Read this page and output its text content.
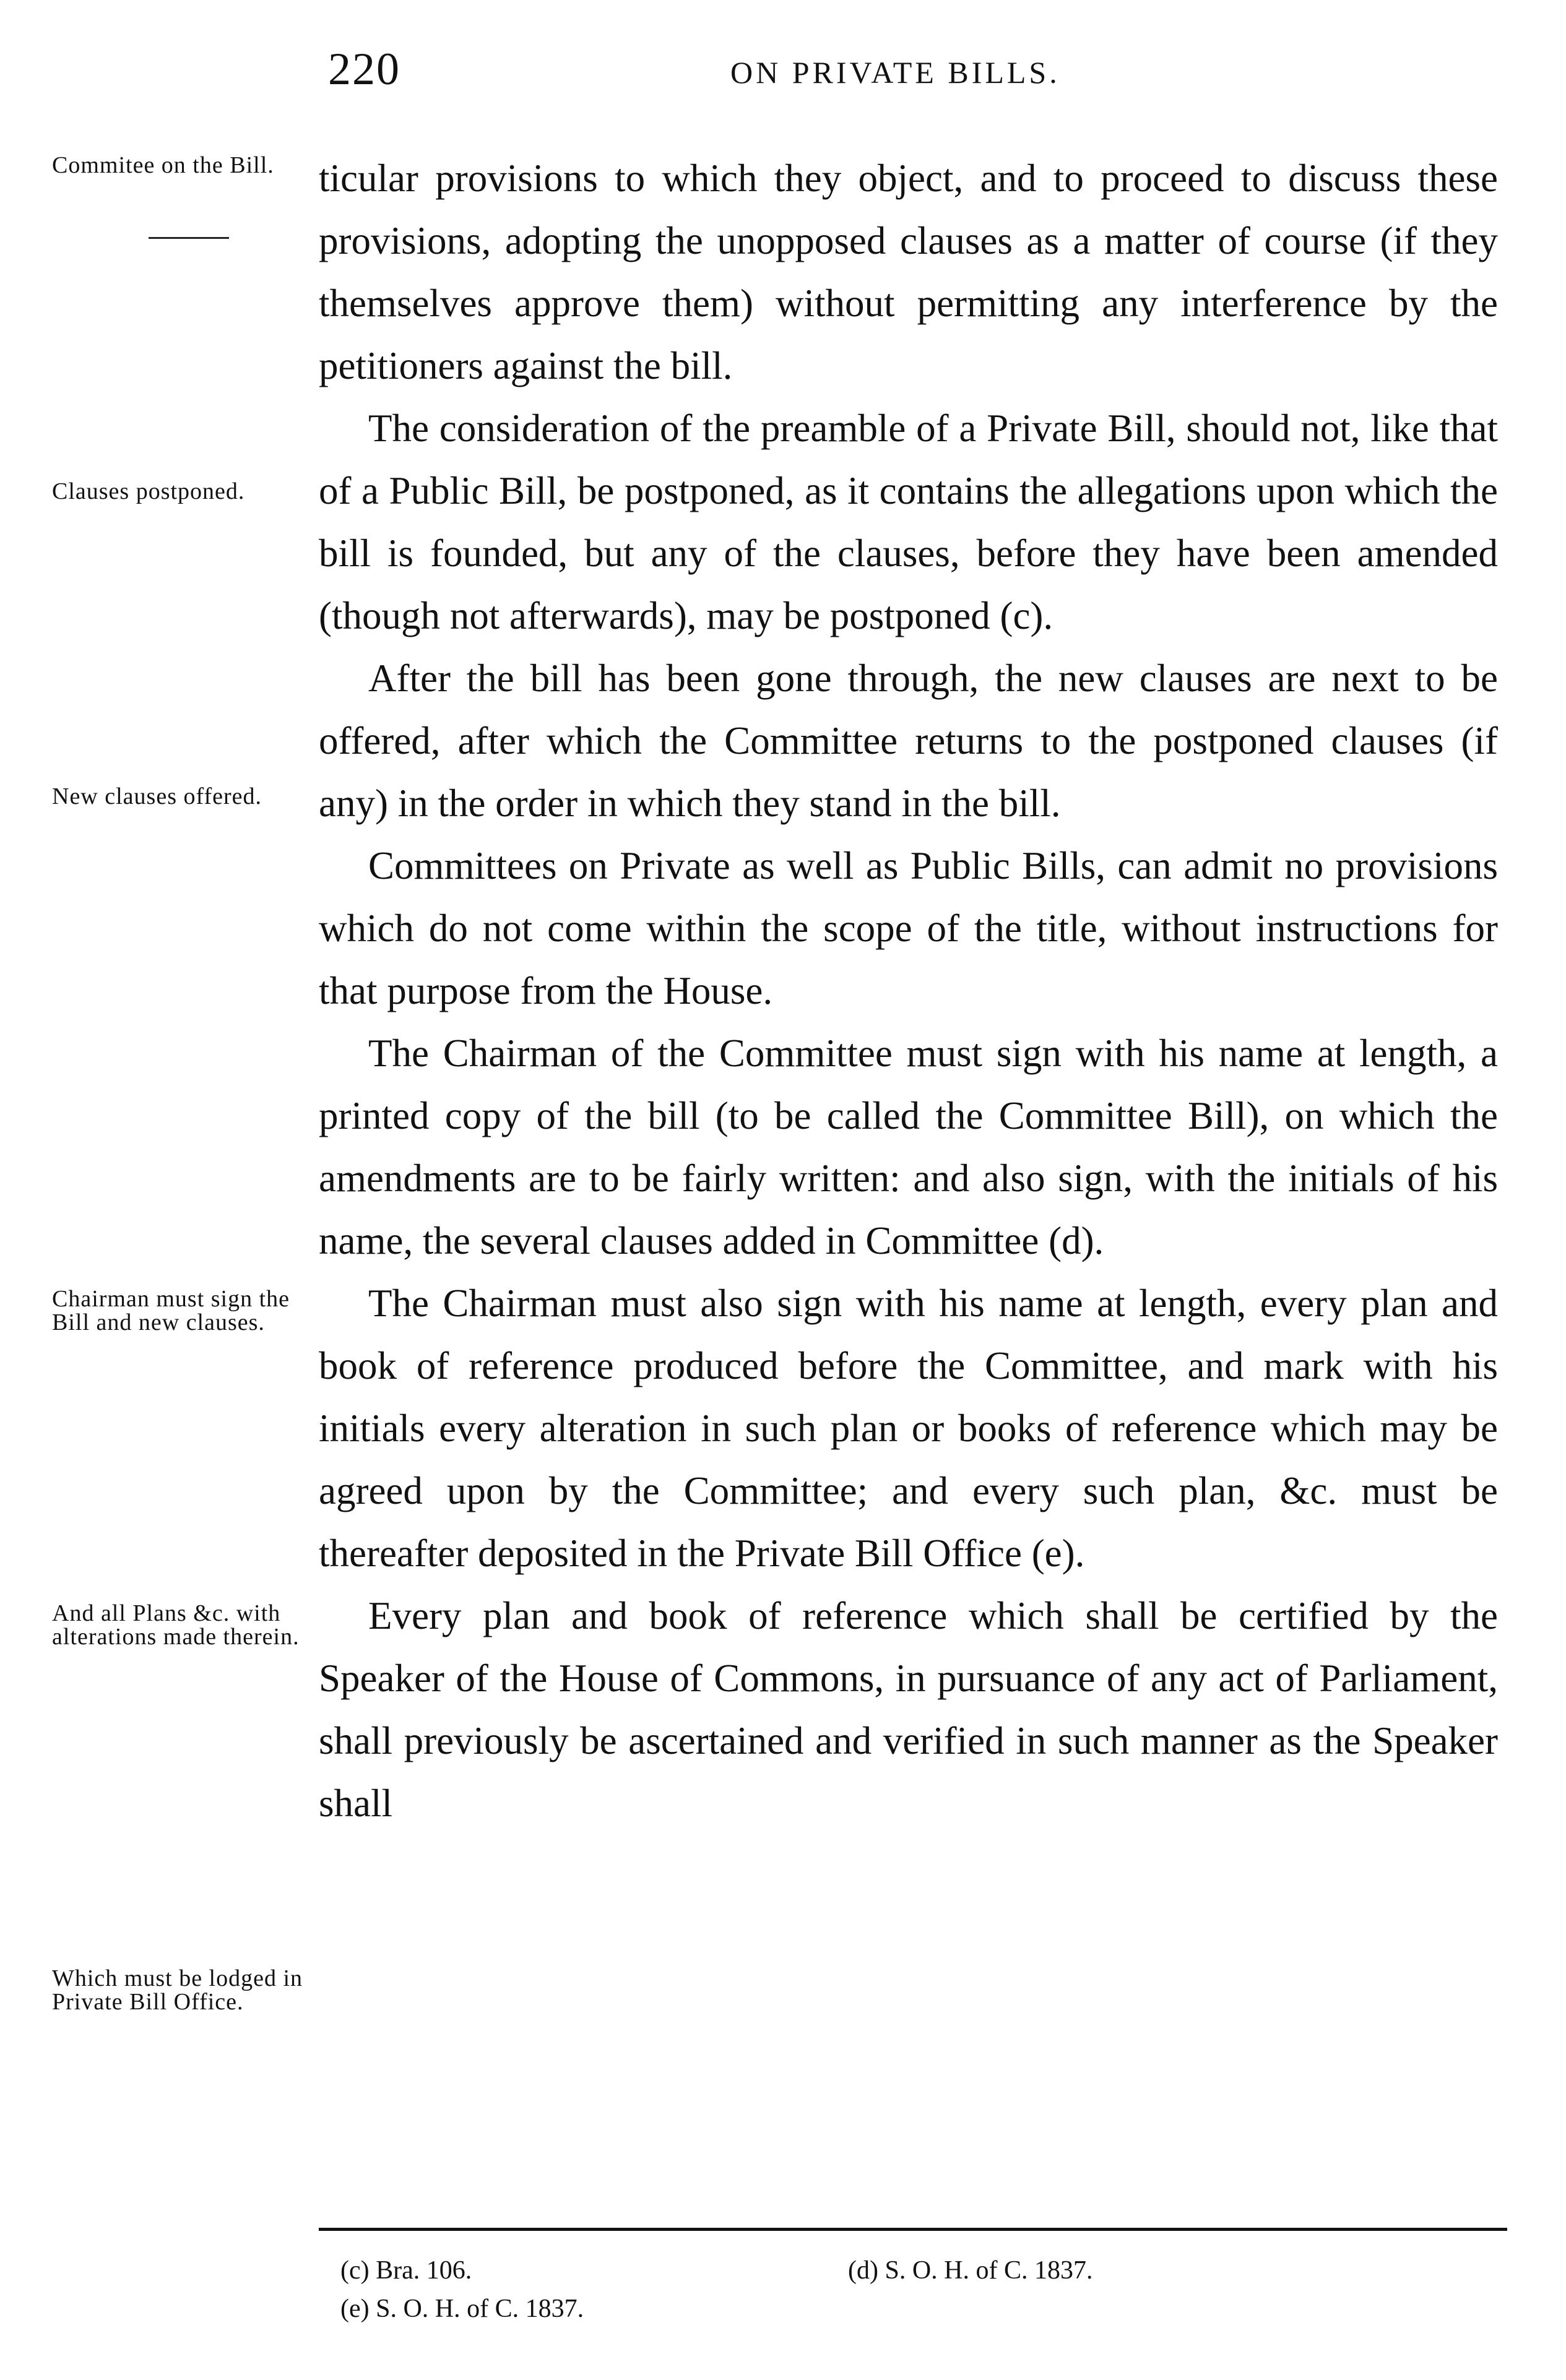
220	ON PRIVATE BILLS.
Commitee on the Bill.
Clauses postponed.
New clauses offered.
Chairman must sign the Bill and new clauses.
And all Plans &c. with alterations made therein.
Which must be lodged in Private Bill Office.

ticular provisions to which they object, and to proceed to discuss these provisions, adopting the unopposed clauses as a matter of course (if they themselves approve them) without permitting any interference by the petitioners against the bill.

The consideration of the preamble of a Private Bill, should not, like that of a Public Bill, be postponed, as it contains the allegations upon which the bill is founded, but any of the clauses, before they have been amended (though not afterwards), may be postponed (c).

After the bill has been gone through, the new clauses are next to be offered, after which the Committee returns to the postponed clauses (if any) in the order in which they stand in the bill.

Committees on Private as well as Public Bills, can admit no provisions which do not come within the scope of the title, without instructions for that purpose from the House.

The Chairman of the Committee must sign with his name at length, a printed copy of the bill (to be called the Committee Bill), on which the amendments are to be fairly written: and also sign, with the initials of his name, the several clauses added in Committee (d).

The Chairman must also sign with his name at length, every plan and book of reference produced before the Committee, and mark with his initials every alteration in such plan or books of reference which may be agreed upon by the Committee; and every such plan, &c. must be thereafter deposited in the Private Bill Office (e).

Every plan and book of reference which shall be certified by the Speaker of the House of Commons, in pursuance of any act of Parliament, shall previously be ascertained and verified in such manner as the Speaker shall

(c) Bra. 106.	(d) S. O. H. of C. 1837.
(e) S. O. H. of C. 1837.
